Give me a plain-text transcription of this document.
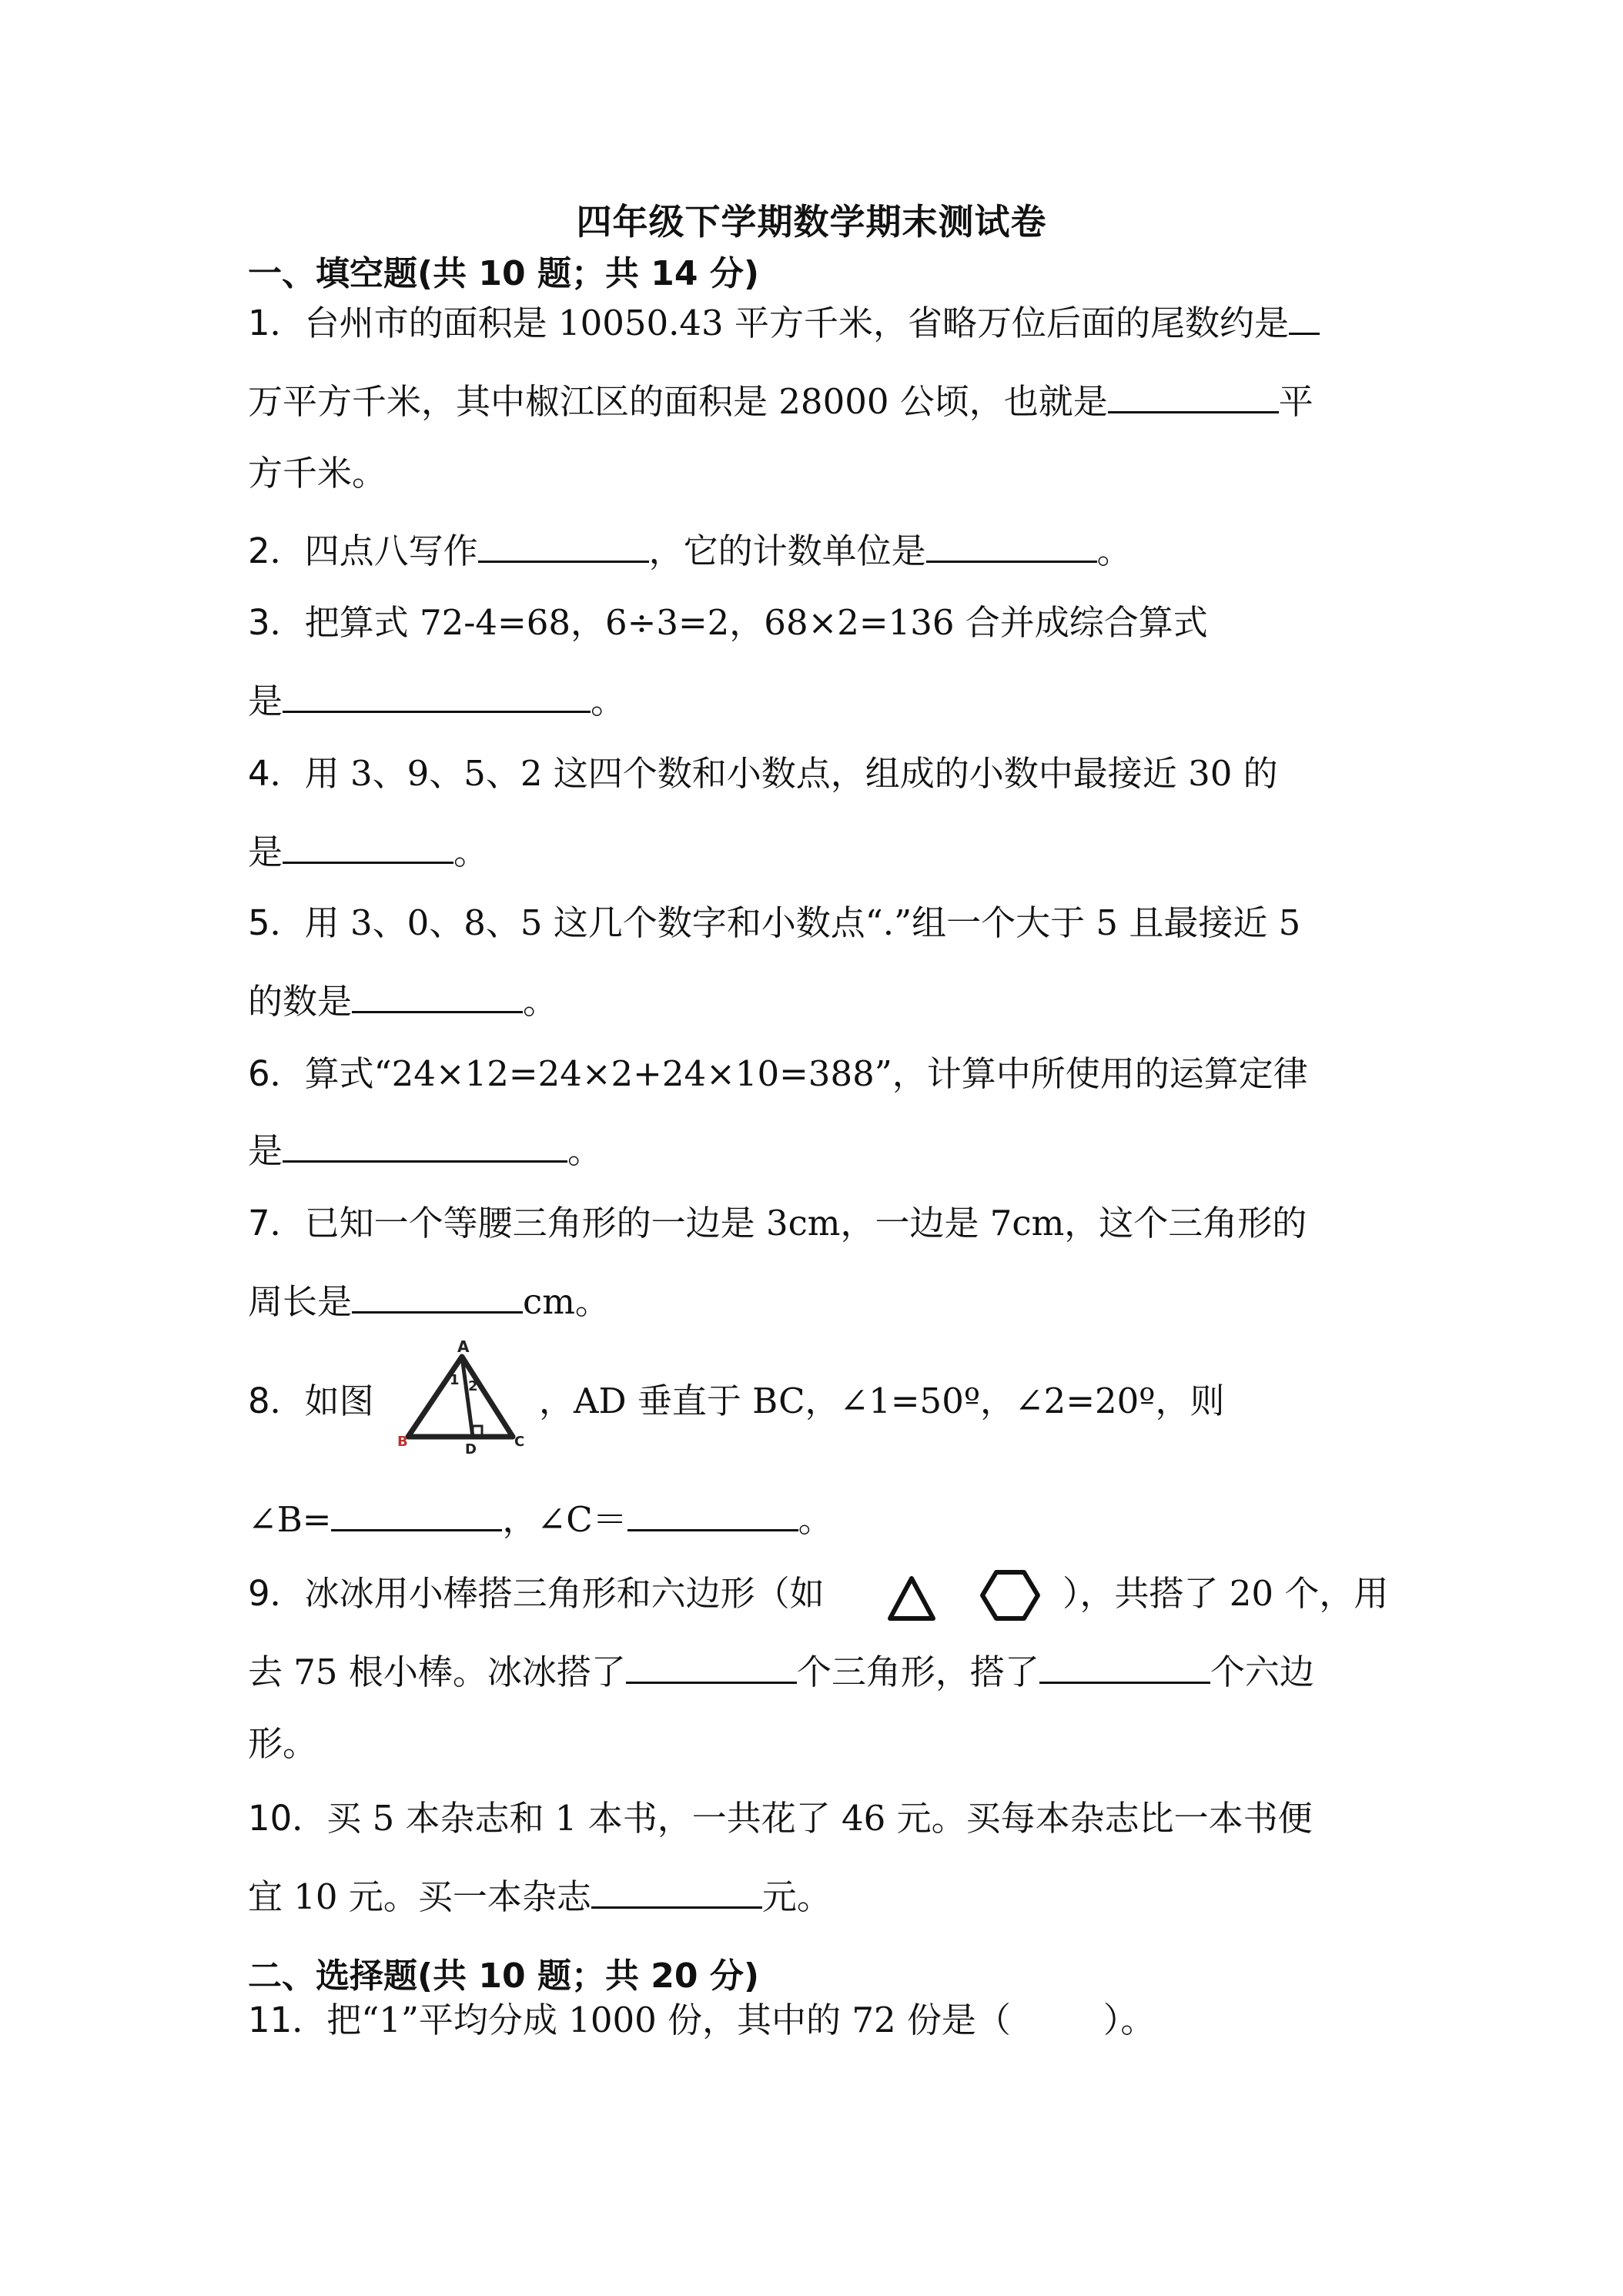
四年级下学期数学期末测试卷
一、填空题(共 10 题；共 14 分)
1．台州市的面积是 10050.43 平方千米，省略万位后面的尾数约是
万平方千米，其中椒江区的面积是 28000 公顷，也就是	平
方千米。
2．四点八写作	，它的计数单位是	。
3．把算式 72-4=68，6÷3=2，68×2=136 合并成综合算式
是	。
4．用 3、9、5、2 这四个数和小数点，组成的小数中最接近 30 的
是	。
5．用 3、0、8、5 这几个数字和小数点“.”组一个大于 5 且最接近 5
的数是	。
6．算式“24×12=24×2+24×10=388”，计算中所使用的运算定律
是	。
7．已知一个等腰三角形的一边是 3cm，一边是 7cm，这个三角形的
周长是	cm。
8．如图
A
B	C
D
1 2 ，AD 垂直于 BC，∠1=50º，∠2=20º，则
∠B=	，∠C＝	。
9．冰冰用小棒搭三角形和六边形（如	），共搭了 20 个，用
去 75 根小棒。冰冰搭了	个三角形，搭了	个六边
形。
10．买 5 本杂志和 1 本书，一共花了 46 元。买每本杂志比一本书便
宜 10 元。买一本杂志	元。
二、选择题(共 10 题；共 20 分)
11．把“1”平均分成 1000 份，其中的 72 份是（	）。
